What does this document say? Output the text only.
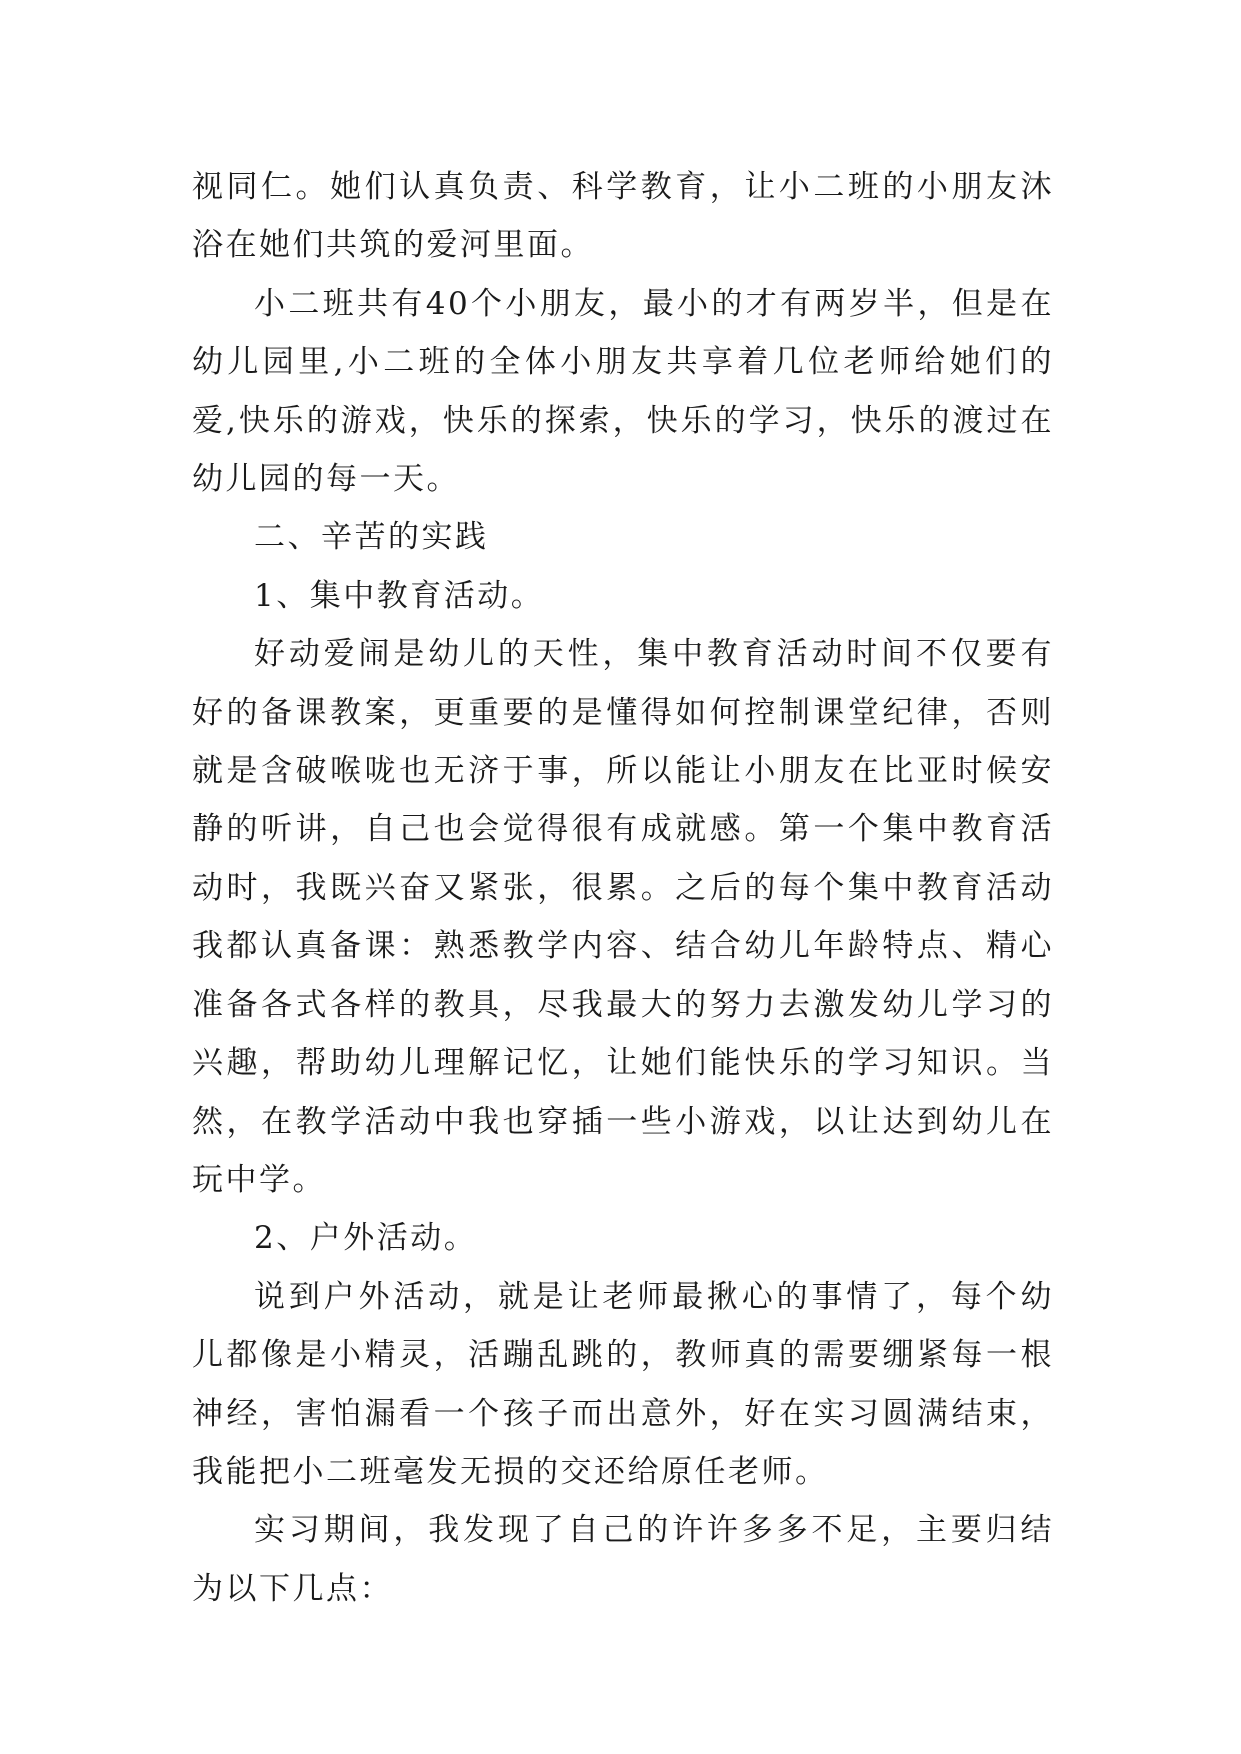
视同仁。她们认真负责、科学教育，让小二班的小朋友沐浴在她们共筑的爱河里面。

小二班共有40个小朋友，最小的才有两岁半，但是在幼儿园里,小二班的全体小朋友共享着几位老师给她们的爱,快乐的游戏，快乐的探索，快乐的学习，快乐的渡过在幼儿园的每一天。

二、辛苦的实践

1、集中教育活动。

好动爱闹是幼儿的天性，集中教育活动时间不仅要有好的备课教案，更重要的是懂得如何控制课堂纪律，否则就是含破喉咙也无济于事，所以能让小朋友在比亚时候安静的听讲，自己也会觉得很有成就感。第一个集中教育活动时，我既兴奋又紧张，很累。之后的每个集中教育活动我都认真备课：熟悉教学内容、结合幼儿年龄特点、精心准备各式各样的教具，尽我最大的努力去激发幼儿学习的兴趣，帮助幼儿理解记忆，让她们能快乐的学习知识。当然，在教学活动中我也穿插一些小游戏，以让达到幼儿在玩中学。

2、户外活动。

说到户外活动，就是让老师最揪心的事情了，每个幼儿都像是小精灵，活蹦乱跳的，教师真的需要绷紧每一根神经，害怕漏看一个孩子而出意外，好在实习圆满结束，我能把小二班毫发无损的交还给原任老师。

实习期间，我发现了自己的许许多多不足，主要归结为以下几点：
